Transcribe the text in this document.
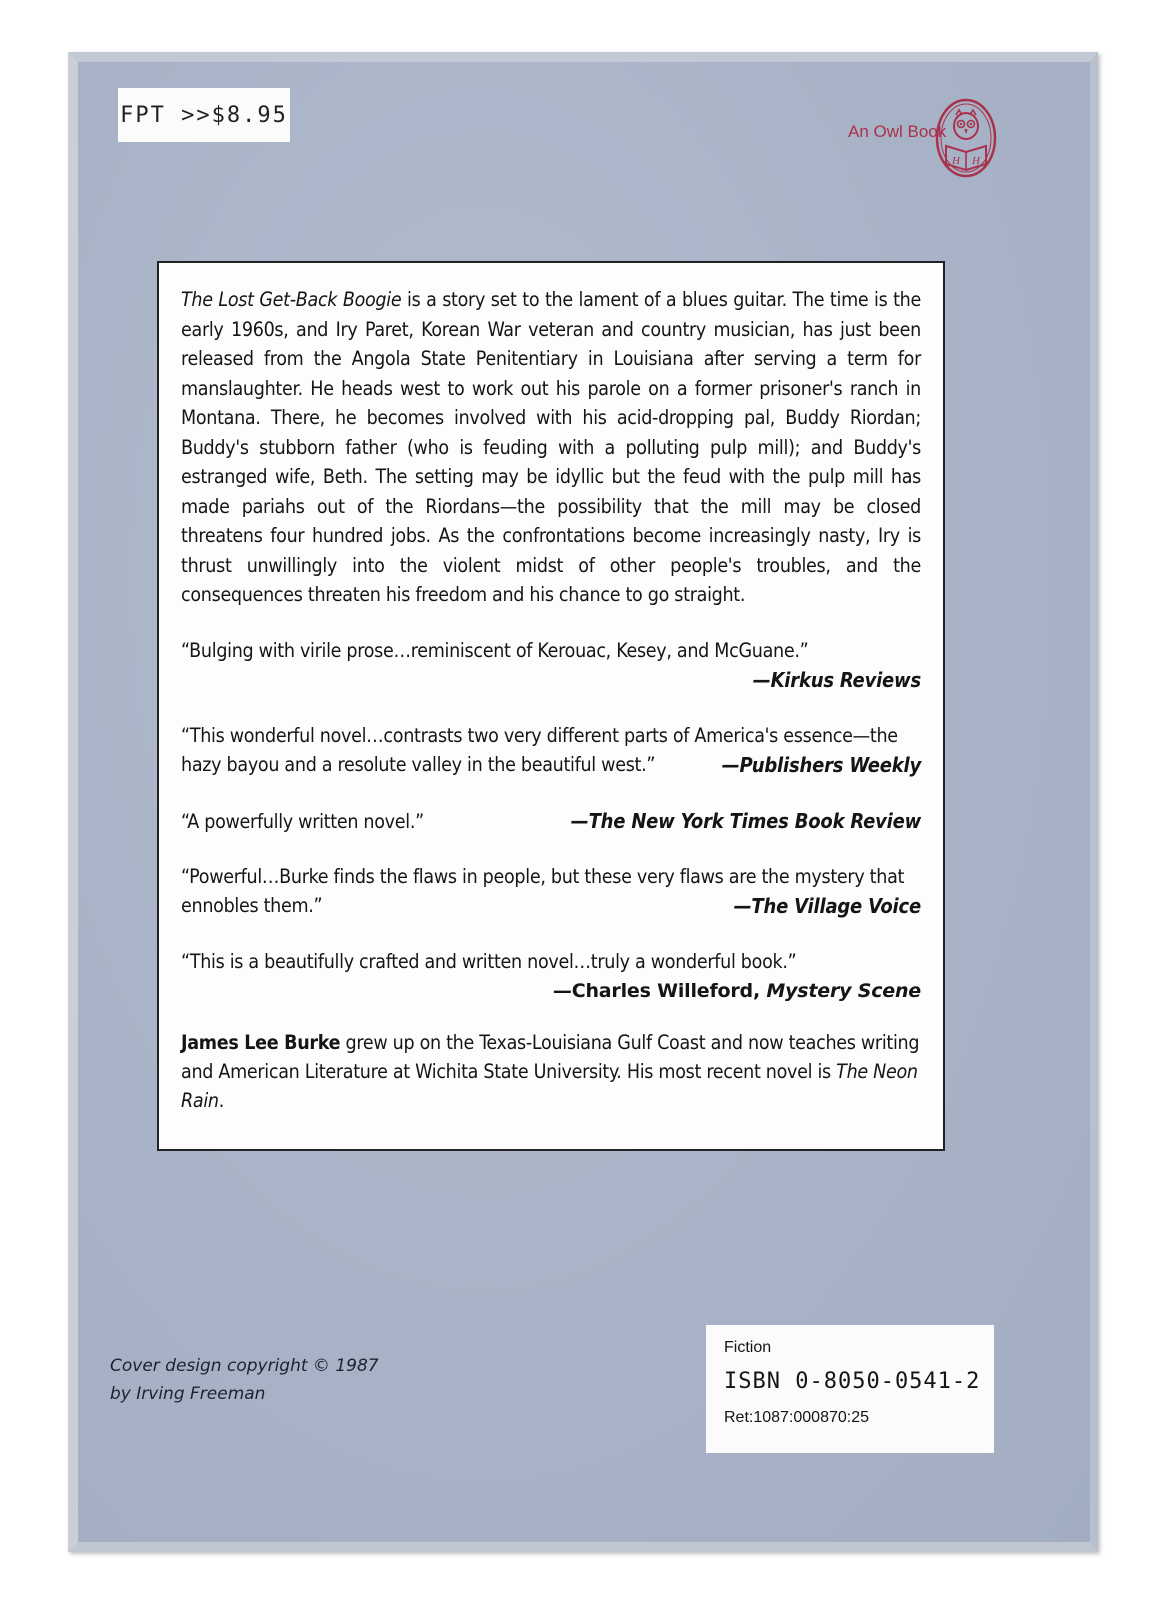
FPT >>$8.95
An Owl Book
H H

The Lost Get-Back Boogie is a story set to the lament of a blues guitar. The time is the early 1960s, and Iry Paret, Korean War veteran and country musician, has just been released from the Angola State Penitentiary in Louisiana after serving a term for manslaughter. He heads west to work out his parole on a former prisoner's ranch in Montana. There, he becomes involved with his acid-dropping pal, Buddy Riordan; Buddy's stubborn father (who is feuding with a polluting pulp mill); and Buddy's estranged wife, Beth. The setting may be idyllic but the feud with the pulp mill has made pariahs out of the Riordans—the possibility that the mill may be closed threatens four hundred jobs. As the confrontations become increasingly nasty, Iry is thrust unwillingly into the violent midst of other people's troubles, and the consequences threaten his freedom and his chance to go straight.

“Bulging with virile prose…reminiscent of Kerouac, Kesey, and McGuane.”

—Kirkus Reviews

“This wonderful novel…contrasts two very different parts of America's essence—the hazy bayou and a resolute valley in the beautiful west.”	—Publishers Weekly
“A powerfully written novel.”	—The New York Times Book Review

“Powerful…Burke finds the flaws in people, but these very flaws are the mystery that ennobles them.”	—The Village Voice

“This is a beautifully crafted and written novel…truly a wonderful book.”

—Charles Willeford, Mystery Scene

James Lee Burke grew up on the Texas-Louisiana Gulf Coast and now teaches writing and American Literature at Wichita State University. His most recent novel is The Neon Rain.

Cover design copyright © 1987
by Irving Freeman
Fiction
ISBN 0-8050-0541-2
Ret:1087:000870:25
